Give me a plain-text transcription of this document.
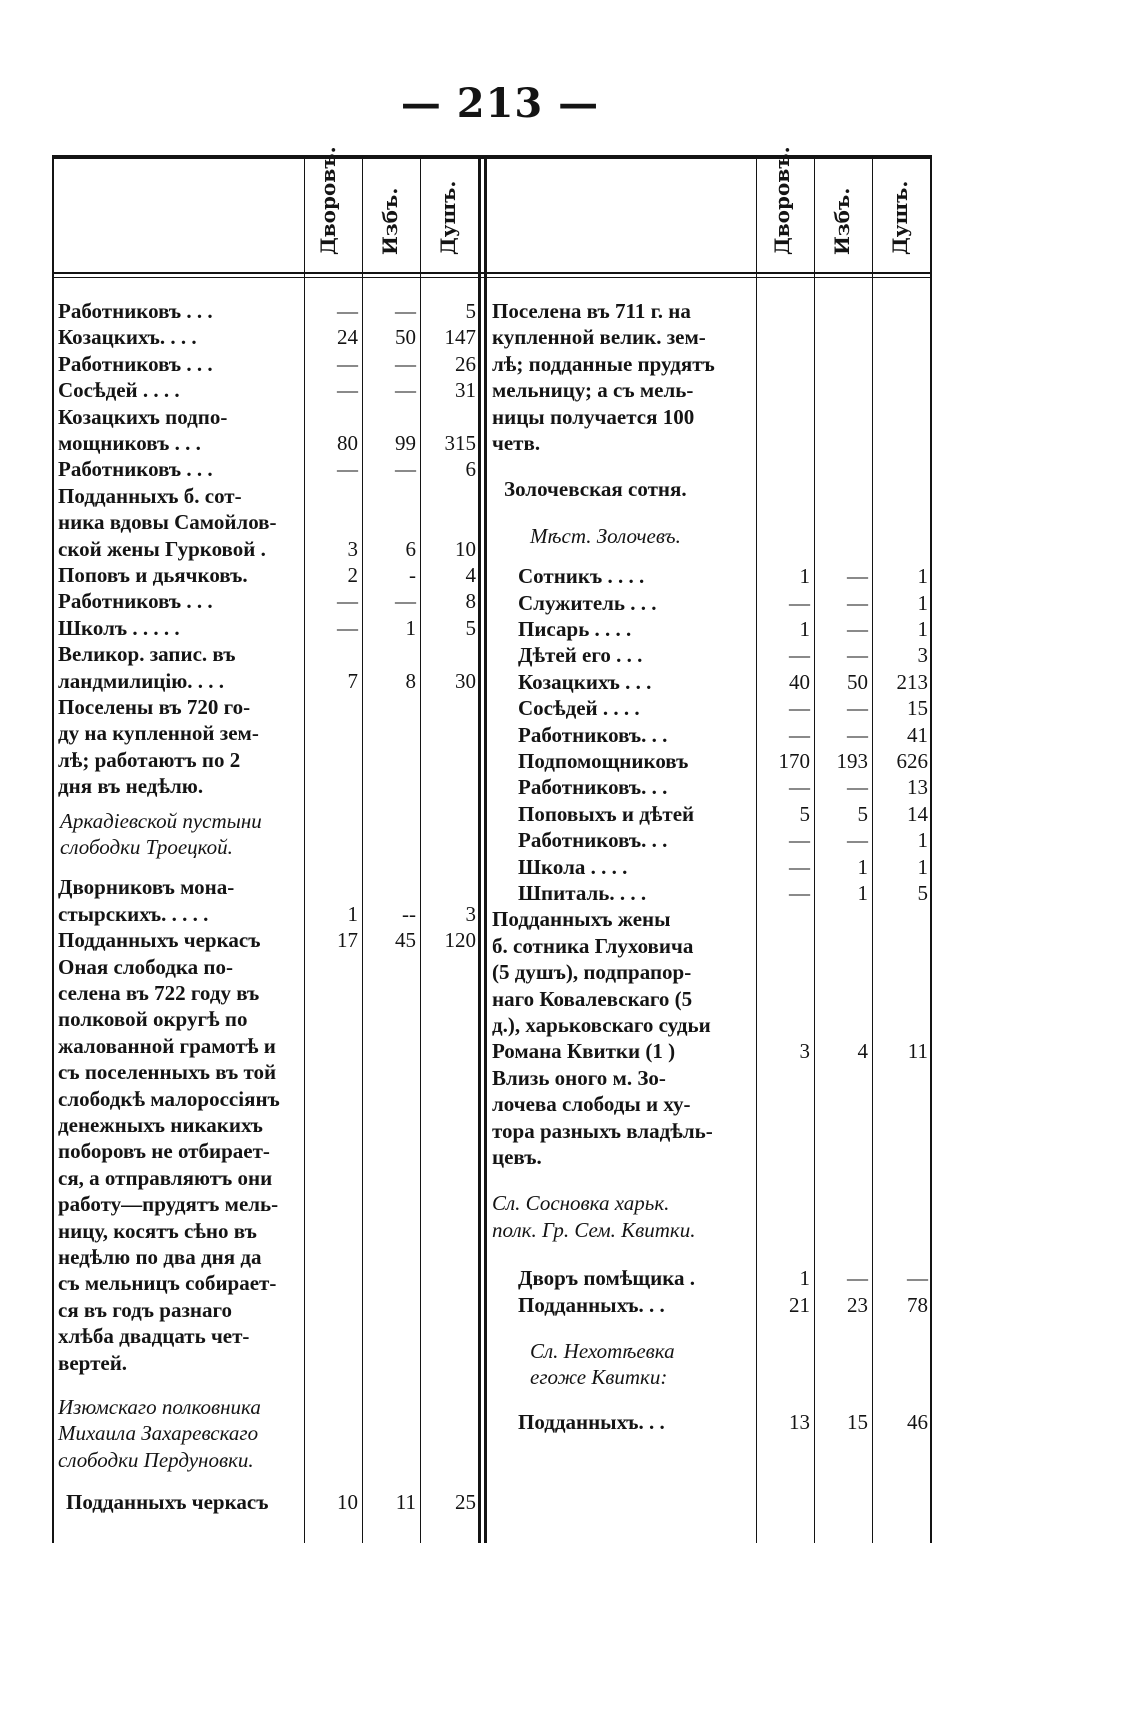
— 213 —
Дворовъ. Избъ. Душъ.	Дворовъ. Избъ. Душъ.
Работниковъ . . .	—	—	5
Козацкихъ. . . .	24	50	147
Работниковъ . . .	—	—	26
Сосѣдей . . . .	—	—	31
Козацкихъ подпо-
мощниковъ . . .	80	99	315
Работниковъ . . .	—	—	6
Подданныхъ б. сот-
ника вдовы Самойлов-
ской жены Гурковой .	3	6	10
Поповъ и дьячковъ.	2	-	4
Работниковъ . . .	—	—	8
Школъ . . . . .	—	1	5
Великор. запис. въ
ландмилицію. . . .	7	8	30
Поселены въ 720 го-
ду на купленной зем-
лѣ; работаютъ по 2
дня въ недѣлю.
Аркадіевской пустыни
слободки Троецкой.
Дворниковъ мона-
стырскихъ. . . . .	1	--	3
Подданныхъ черкасъ	17	45	120
Оная слободка по-
селена въ 722 году въ
полковой округѣ по
жалованной грамотѣ и
съ поселенныхъ въ той
слободкѣ малороссіянъ
денежныхъ никакихъ
поборовъ не отбирает-
ся, а отправляютъ они
работу—прудятъ мель-
ницу, косятъ сѣно въ
недѣлю по два дня да
съ мельницъ собирает-
ся въ годъ разнаго
хлѣба двадцать чет-
вертей.
Изюмскаго полковника
Михаила Захаревскаго
слободки Пердуновки.
Подданныхъ черкасъ	10	11	25
Поселена въ 711 г. на
купленной велик. зем-
лѣ; подданные прудятъ
мельницу; а съ мель-
ницы получается 100
четв.
Золочевская сотня.
Мѣст. Золочевъ.
Сотникъ . . . .	1	—	1
Служитель . . .	—	—	1
Писарь . . . .	1	—	1
Дѣтей его . . .	—	—	3
Козацкихъ . . .	40	50	213
Сосѣдей . . . .	—	—	15
Работниковъ. . .	—	—	41
Подпомощниковъ	170	193	626
Работниковъ. . .	—	—	13
Поповыхъ и дѣтей	5	5	14
Работниковъ. . .	—	—	1
Школа . . . .	—	1	1
Шпиталь. . . .	—	1	5
Подданныхъ жены
б. сотника Глуховича
(5 душъ), подпрапор-
наго Ковалевскаго (5
д.), харьковскаго судьи
Романа Квитки (1 )	3	4	11
Влизь оного м. Зо-
лочева слободы и ху-
тора разныхъ владѣль-
цевъ.
Сл. Сосновка харьк.
полк. Гр. Сем. Квитки.
Дворъ помѣщика .	1	—	—
Подданныхъ. . .	21	23	78
Сл. Нехотѣевка
егоже Квитки:
Подданныхъ. . .	13	15	46
